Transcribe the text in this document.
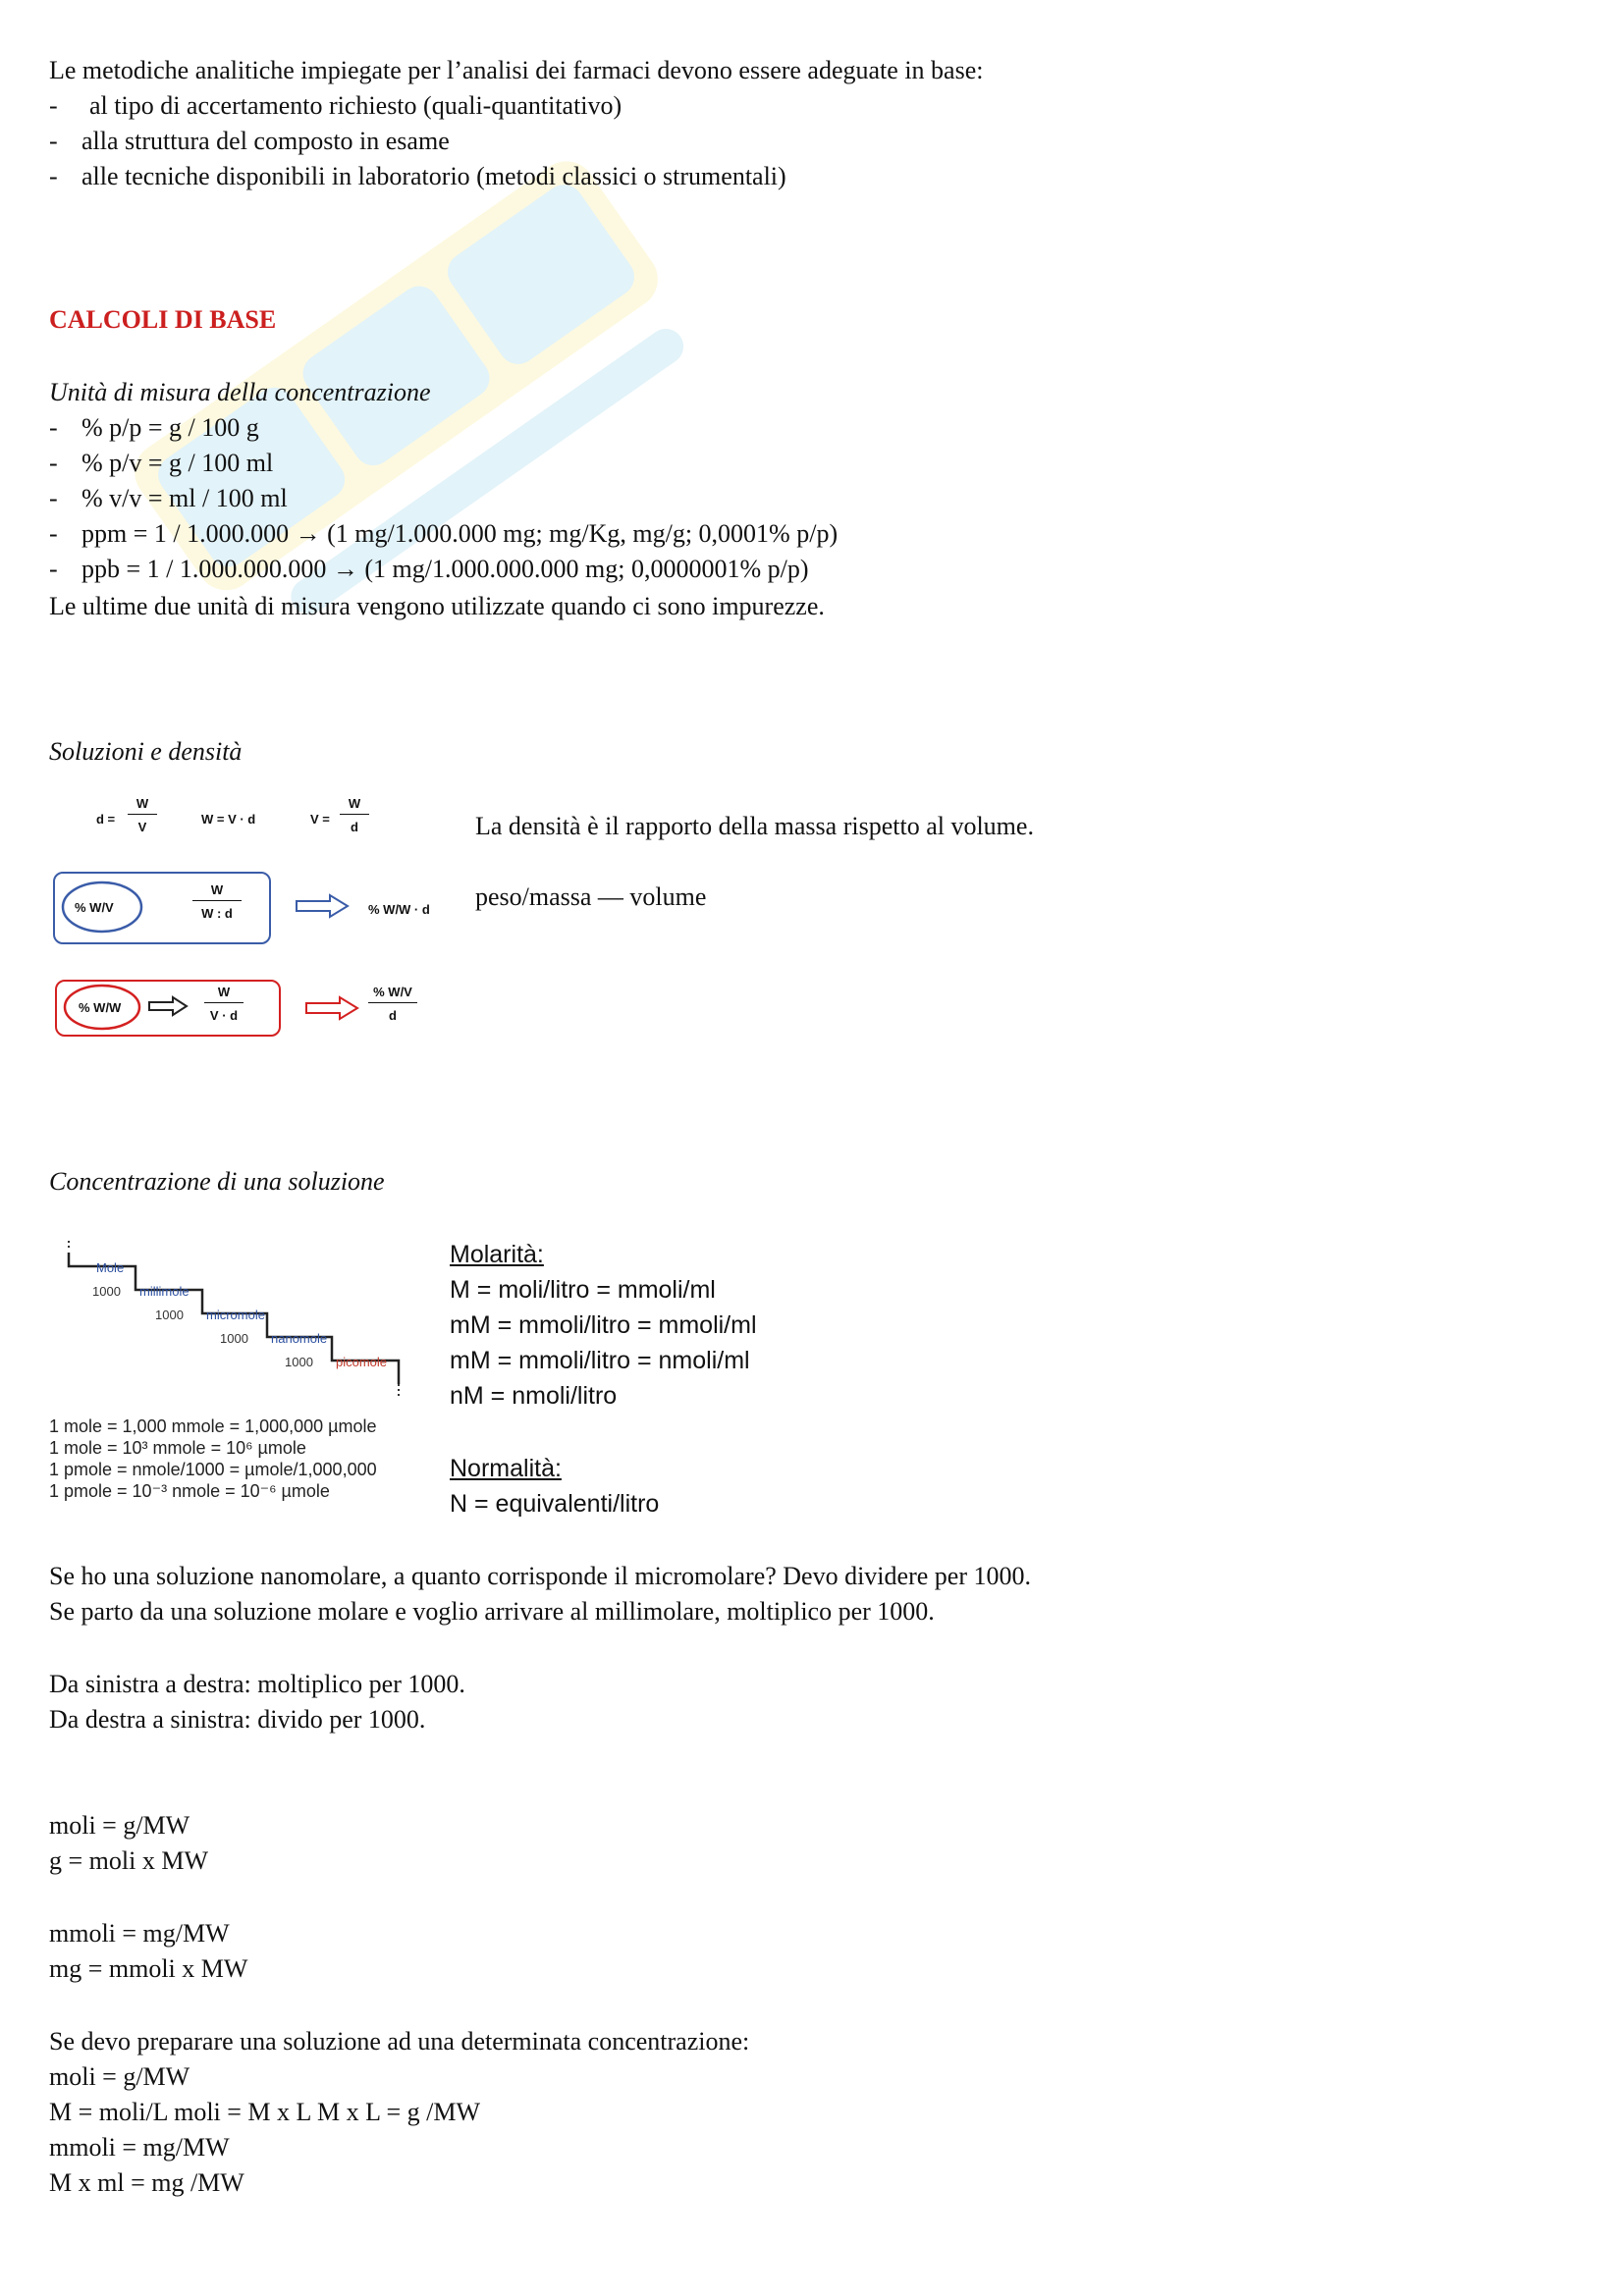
Le metodiche analitiche impiegate per l’analisi dei farmaci devono essere adeguate in base:
- al tipo di accertamento richiesto (quali-quantitativo)
- alla struttura del composto in esame
- alle tecniche disponibili in laboratorio (metodi classici o strumentali)
CALCOLI DI BASE
Unità di misura della concentrazione
- % p/p = g / 100 g
- % p/v = g / 100 ml
- % v/v = ml / 100 ml
- ppm = 1 / 1.000.000 → (1 mg/1.000.000 mg; mg/Kg, mg/g; 0,0001% p/p)
- ppb = 1 / 1.000.000.000 → (1 mg/1.000.000.000 mg; 0,0000001% p/p)
Le ultime due unità di misura vengono utilizzate quando ci sono impurezze.
Soluzioni e densità
$d = \frac{W}{V}$	W = V · d	$V = \frac{W}{d}$
% W/V	$\frac{W}{W : d}$	% W/W · d
% W/W	$\frac{W}{V \cdot d}$	$\frac{\% W/V}{d}$
La densità è il rapporto della massa rispetto al volume.
peso/massa — volume
Concentrazione di una soluzione
Mole
millimole
micromole
nanomole
picomole
1000
1000
1000
1000
1 mole = 1,000 mmole = 1,000,000 µmole
1 mole = 10³ mmole = 10⁶ µmole
1 pmole = nmole/1000 = µmole/1,000,000
1 pmole = 10⁻³ nmole = 10⁻⁶ µmole
Molarità:
M = moli/litro = mmoli/ml
mM = mmoli/litro = mmoli/ml
mM = mmoli/litro = nmoli/ml
nM = nmoli/litro
Normalità:
N = equivalenti/litro
Se ho una soluzione nanomolare, a quanto corrisponde il micromolare? Devo dividere per 1000.
Se parto da una soluzione molare e voglio arrivare al millimolare, moltiplico per 1000.
Da sinistra a destra: moltiplico per 1000.
Da destra a sinistra: divido per 1000.
moli = g/MW
g = moli x MW
mmoli = mg/MW
mg = mmoli x MW
Se devo preparare una soluzione ad una determinata concentrazione:
moli = g/MW
M = moli/L moli = M x L M x L = g /MW
mmoli = mg/MW
M x ml = mg /MW
